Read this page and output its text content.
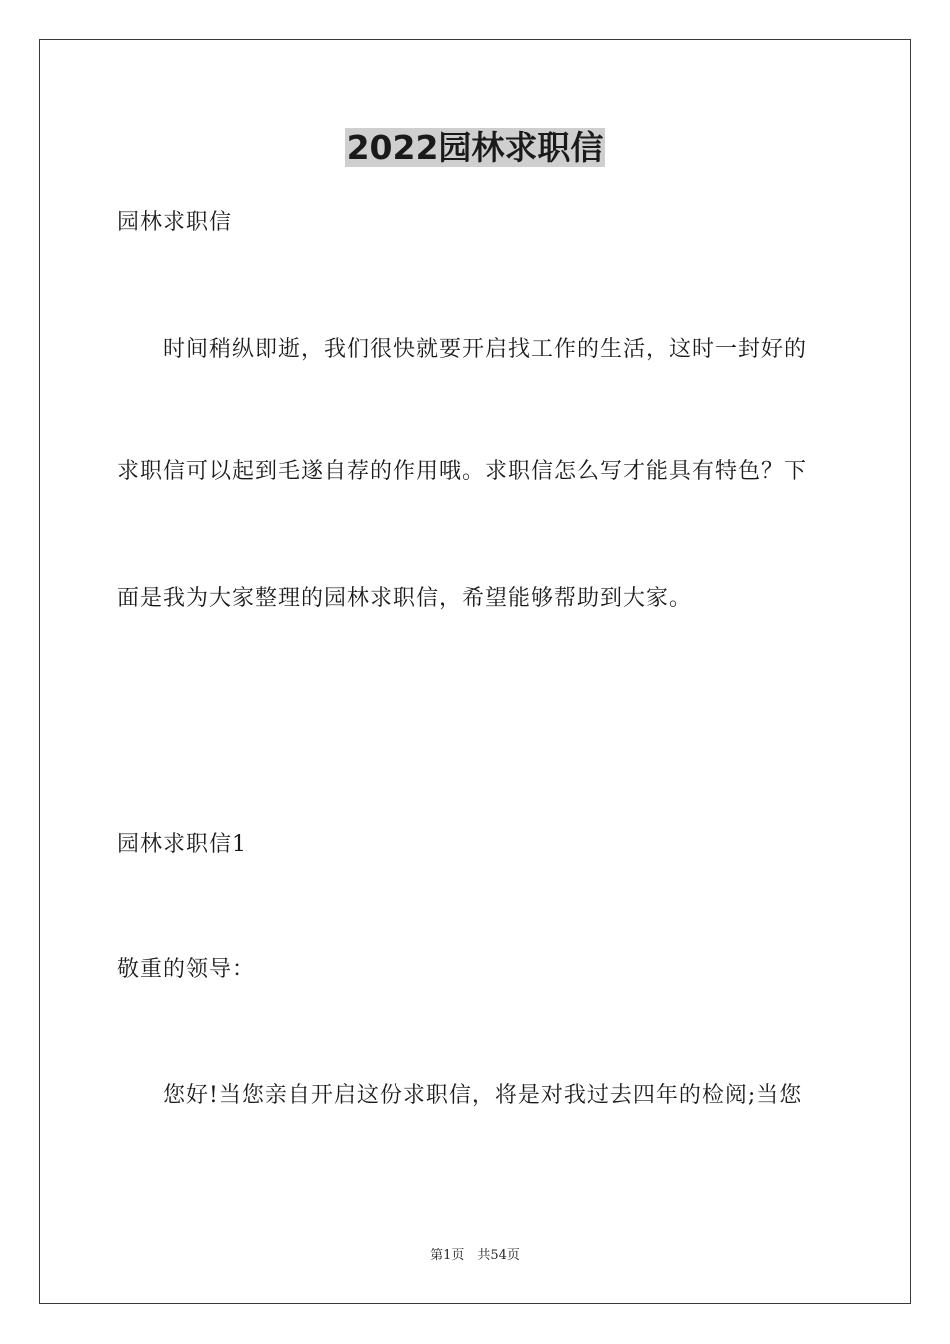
2022园林求职信
园林求职信
时间稍纵即逝，我们很快就要开启找工作的生活，这时一封好的
求职信可以起到毛遂自荐的作用哦。求职信怎么写才能具有特色？下
面是我为大家整理的园林求职信，希望能够帮助到大家。
园林求职信1
敬重的领导：
您好!当您亲自开启这份求职信，将是对我过去四年的检阅;当您
第1页　共54页
